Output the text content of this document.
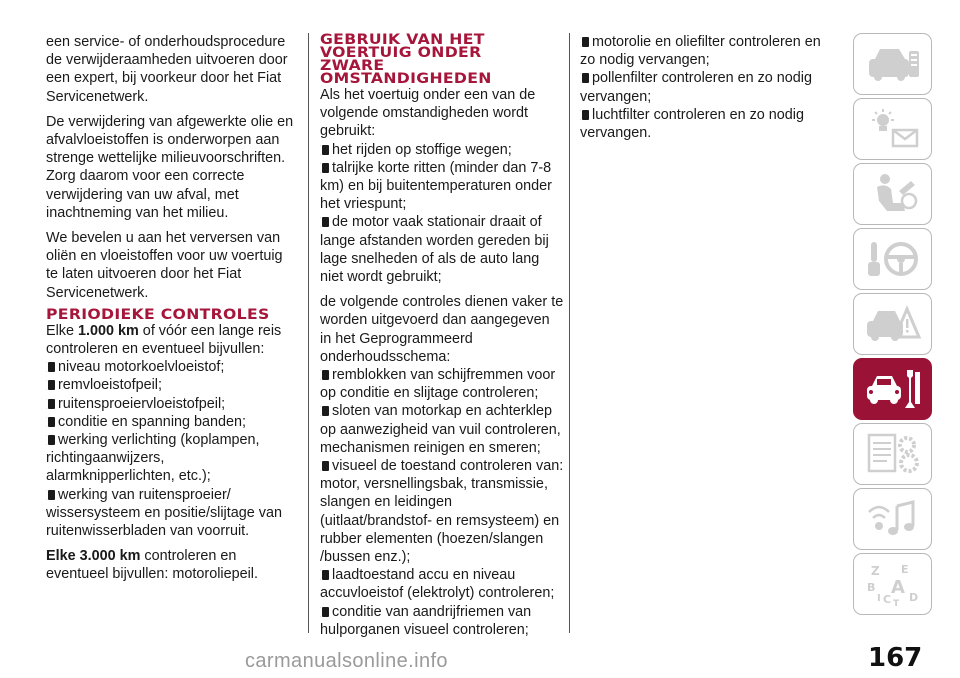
een service- of onderhoudsprocedure de verwijderaamheden uitvoeren door een expert, bij voorkeur door het Fiat Servicenetwerk.

De verwijdering van afgewerkte olie en afvalvloeistoffen is onderworpen aan strenge wettelijke milieuvoorschriften. Zorg daarom voor een correcte verwijdering van uw afval, met inachtneming van het milieu.

We bevelen u aan het verversen van oliën en vloeistoffen voor uw voertuig te laten uitvoeren door het Fiat Servicenetwerk.

PERIODIEKE CONTROLES

Elke 1.000 km of vóór een lange reis controleren en eventueel bijvullen:

niveau motorkoelvloeistof;
remvloeistofpeil;
ruitensproeiervloeistofpeil;
conditie en spanning banden;
werking verlichting (koplampen, richtingaanwijzers, alarmknipperlichten, etc.);
werking van ruitensproeier/ wissersysteem en positie/slijtage van ruitenwisserbladen van voorruit.

Elke 3.000 km controleren en eventueel bijvullen: motoroliepeil.

GEBRUIK VAN HET VOERTUIG ONDER ZWARE OMSTANDIGHEDEN

Als het voertuig onder een van de volgende omstandigheden wordt gebruikt:

het rijden op stoffige wegen;
talrijke korte ritten (minder dan 7-8 km) en bij buitentemperaturen onder het vriespunt;
de motor vaak stationair draait of lange afstanden worden gereden bij lage snelheden of als de auto lang niet wordt gebruikt;

de volgende controles dienen vaker te worden uitgevoerd dan aangegeven in het Geprogrammeerd onderhoudsschema:

remblokken van schijfremmen voor op conditie en slijtage controleren;
sloten van motorkap en achterklep op aanwezigheid van vuil controleren, mechanismen reinigen en smeren;
visueel de toestand controleren van: motor, versnellingsbak, transmissie, slangen en leidingen (uitlaat/brandstof- en remsysteem) en rubber elementen (hoezen/slangen /bussen enz.);
laadtoestand accu en niveau accuvloeistof (elektrolyt) controleren;
conditie van aandrijfriemen van hulporganen visueel controleren;
motorolie en oliefilter controleren en zo nodig vervangen;
pollenfilter controleren en zo nodig vervangen;
luchtfilter controleren en zo nodig vervangen.
Z E
B A
C D
T
I
167
carmanualsonline.info
